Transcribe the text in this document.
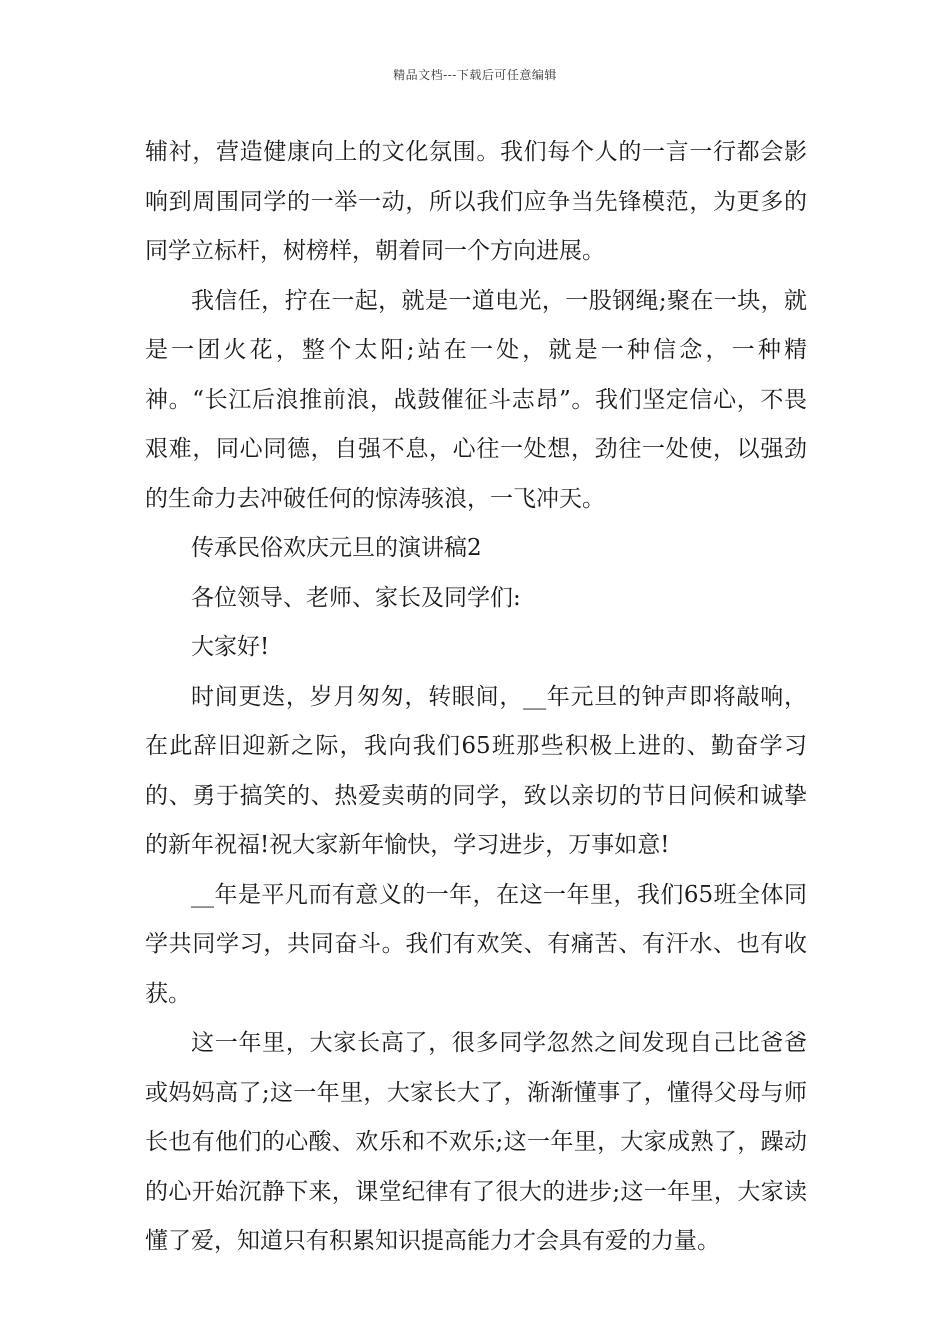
精品文档---下载后可任意编辑

辅衬，营造健康向上的文化氛围。我们每个人的一言一行都会影响到周围同学的一举一动，所以我们应争当先锋模范，为更多的同学立标杆，树榜样，朝着同一个方向进展。

我信任，拧在一起，就是一道电光，一股钢绳;聚在一块，就是一团火花，整个太阳;站在一处，就是一种信念，一种精神。“长江后浪推前浪，战鼓催征斗志昂”。我们坚定信心，不畏艰难，同心同德，自强不息，心往一处想，劲往一处使，以强劲的生命力去冲破任何的惊涛骇浪，一飞冲天。

传承民俗欢庆元旦的演讲稿2

各位领导、老师、家长及同学们:

大家好!

时间更迭，岁月匆匆，转眼间，__年元旦的钟声即将敲响，在此辞旧迎新之际，我向我们65班那些积极上进的、勤奋学习的、勇于搞笑的、热爱卖萌的同学，致以亲切的节日问候和诚挚的新年祝福!祝大家新年愉快，学习进步，万事如意!

__年是平凡而有意义的一年，在这一年里，我们65班全体同学共同学习，共同奋斗。我们有欢笑、有痛苦、有汗水、也有收获。

这一年里，大家长高了，很多同学忽然之间发现自己比爸爸或妈妈高了;这一年里，大家长大了，渐渐懂事了，懂得父母与师长也有他们的心酸、欢乐和不欢乐;这一年里，大家成熟了，躁动的心开始沉静下来，课堂纪律有了很大的进步;这一年里，大家读懂了爱，知道只有积累知识提高能力才会具有爱的力量。
